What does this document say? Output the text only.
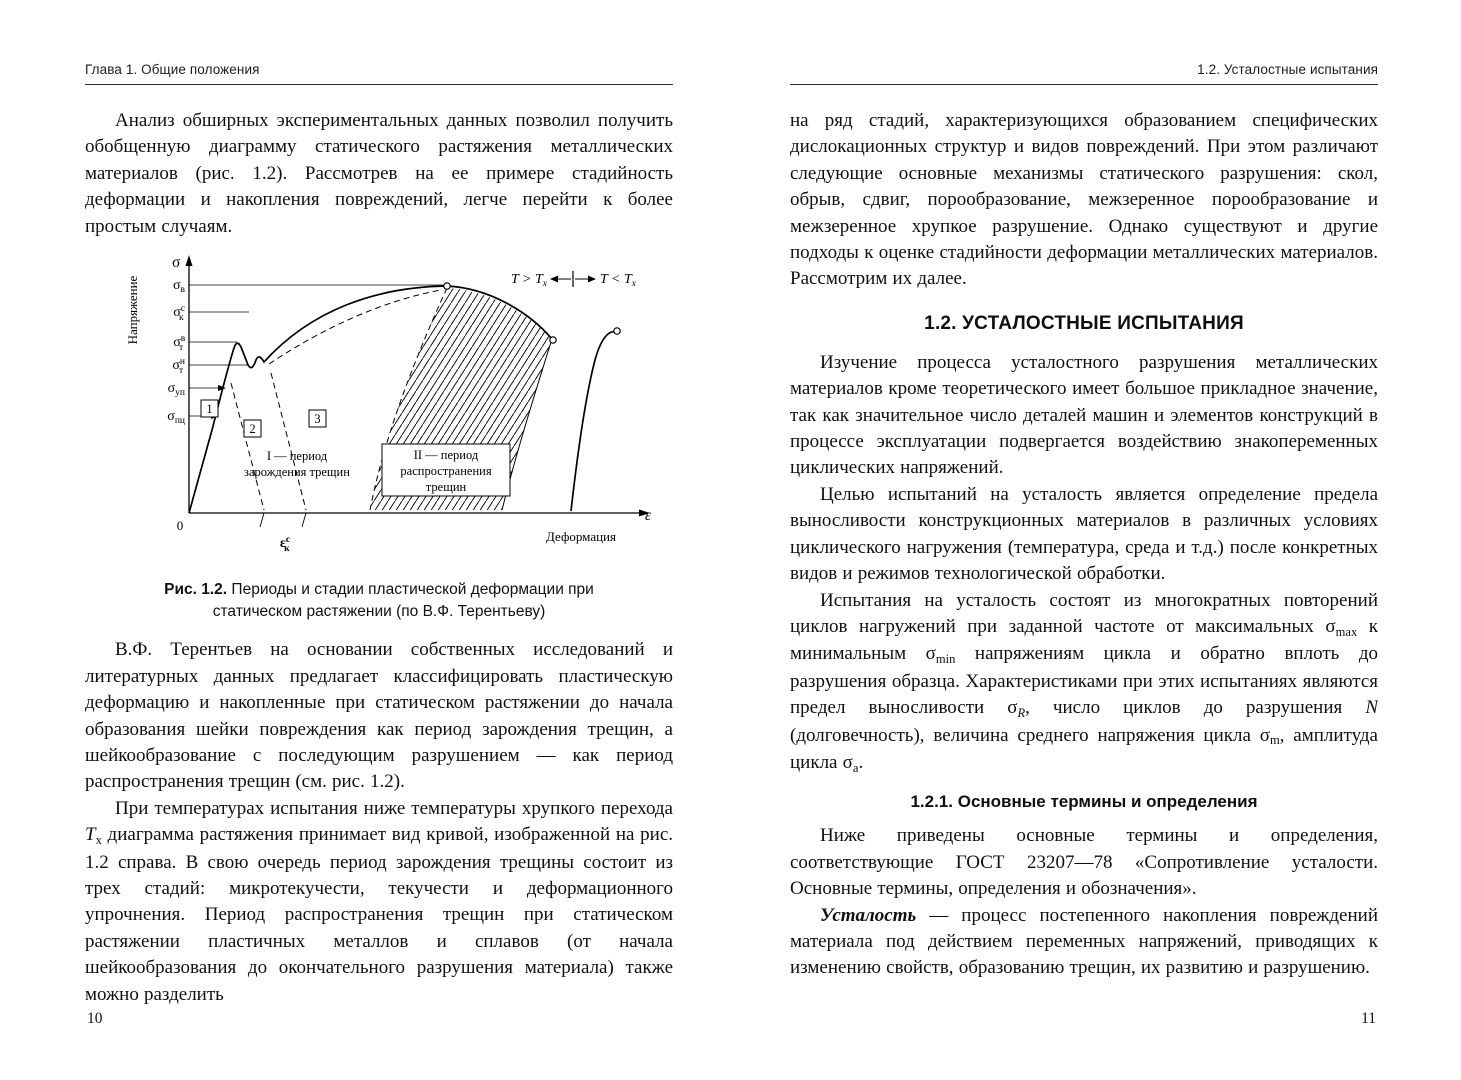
Глава 1. Общие положения

Анализ обширных экспериментальных данных позволил получить обобщенную диаграмму статического растяжения металлических материалов (рис. 1.2). Рассмотрев на ее примере стадийность деформации и накопления повреждений, легче перейти к более простым случаям.

1
2
3
I — период
зарождения трещин
II — период
распространения
трещин
σ
Напряжение
ε
Деформация
0
$\sigma_в$
$\sigma^с$ к
$\sigma^в$ т
$\sigma^н$ т
$\sigma_{уп}$
$\sigma_{пц}$
$T > T_х$	$T < T_х$
$\varepsilon^с$ к
Рис. 1.2. Периоды и стадии пластической деформации при статическом растяжении (по В.Ф. Терентьеву)

В.Ф. Терентьев на основании собственных исследований и литературных данных предлагает классифицировать пластическую деформацию и накопленные при статическом растяжении до начала образования шейки повреждения как период зарождения трещин, а шейкообразование с последующим разрушением — как период распространения трещин (см. рис. 1.2).

При температурах испытания ниже температуры хрупкого перехода Tх диаграмма растяжения принимает вид кривой, изображенной на рис. 1.2 справа. В свою очередь период зарождения трещины состоит из трех стадий: микротекучести, текучести и деформационного упрочнения. Период распространения трещин при статическом растяжении пластичных металлов и сплавов (от начала шейкообразования до окончательного разрушения материала) также можно разделить

10
1.2. Усталостные испытания

на ряд стадий, характеризующихся образованием специфических дислокационных структур и видов повреждений. При этом различают следующие основные механизмы статического разрушения: скол, обрыв, сдвиг, порообразование, межзеренное порообразование и межзеренное хрупкое разрушение. Однако существуют и другие подходы к оценке стадийности деформации металлических материалов. Рассмотрим их далее.

1.2. УСТАЛОСТНЫЕ ИСПЫТАНИЯ

Изучение процесса усталостного разрушения металлических материалов кроме теоретического имеет большое прикладное значение, так как значительное число деталей машин и элементов конструкций в процессе эксплуатации подвергается воздействию знакопеременных циклических напряжений.

Целью испытаний на усталость является определение предела выносливости конструкционных материалов в различных условиях циклического нагружения (температура, среда и т.д.) после конкретных видов и режимов технологической обработки.

Испытания на усталость состоят из многократных повторений циклов нагружений при заданной частоте от максимальных σmax к минимальным σmin напряжениям цикла и обратно вплоть до разрушения образца. Характеристиками при этих испытаниях являются предел выносливости σR, число циклов до разрушения N (долговечность), величина среднего напряжения цикла σm, амплитуда цикла σa.

1.2.1. Основные термины и определения

Ниже приведены основные термины и определения, соответствующие ГОСТ 23207—78 «Сопротивление усталости. Основные термины, определения и обозначения».

Усталость — процесс постепенного накопления повреждений материала под действием переменных напряжений, приводящих к изменению свойств, образованию трещин, их развитию и разрушению.

11
